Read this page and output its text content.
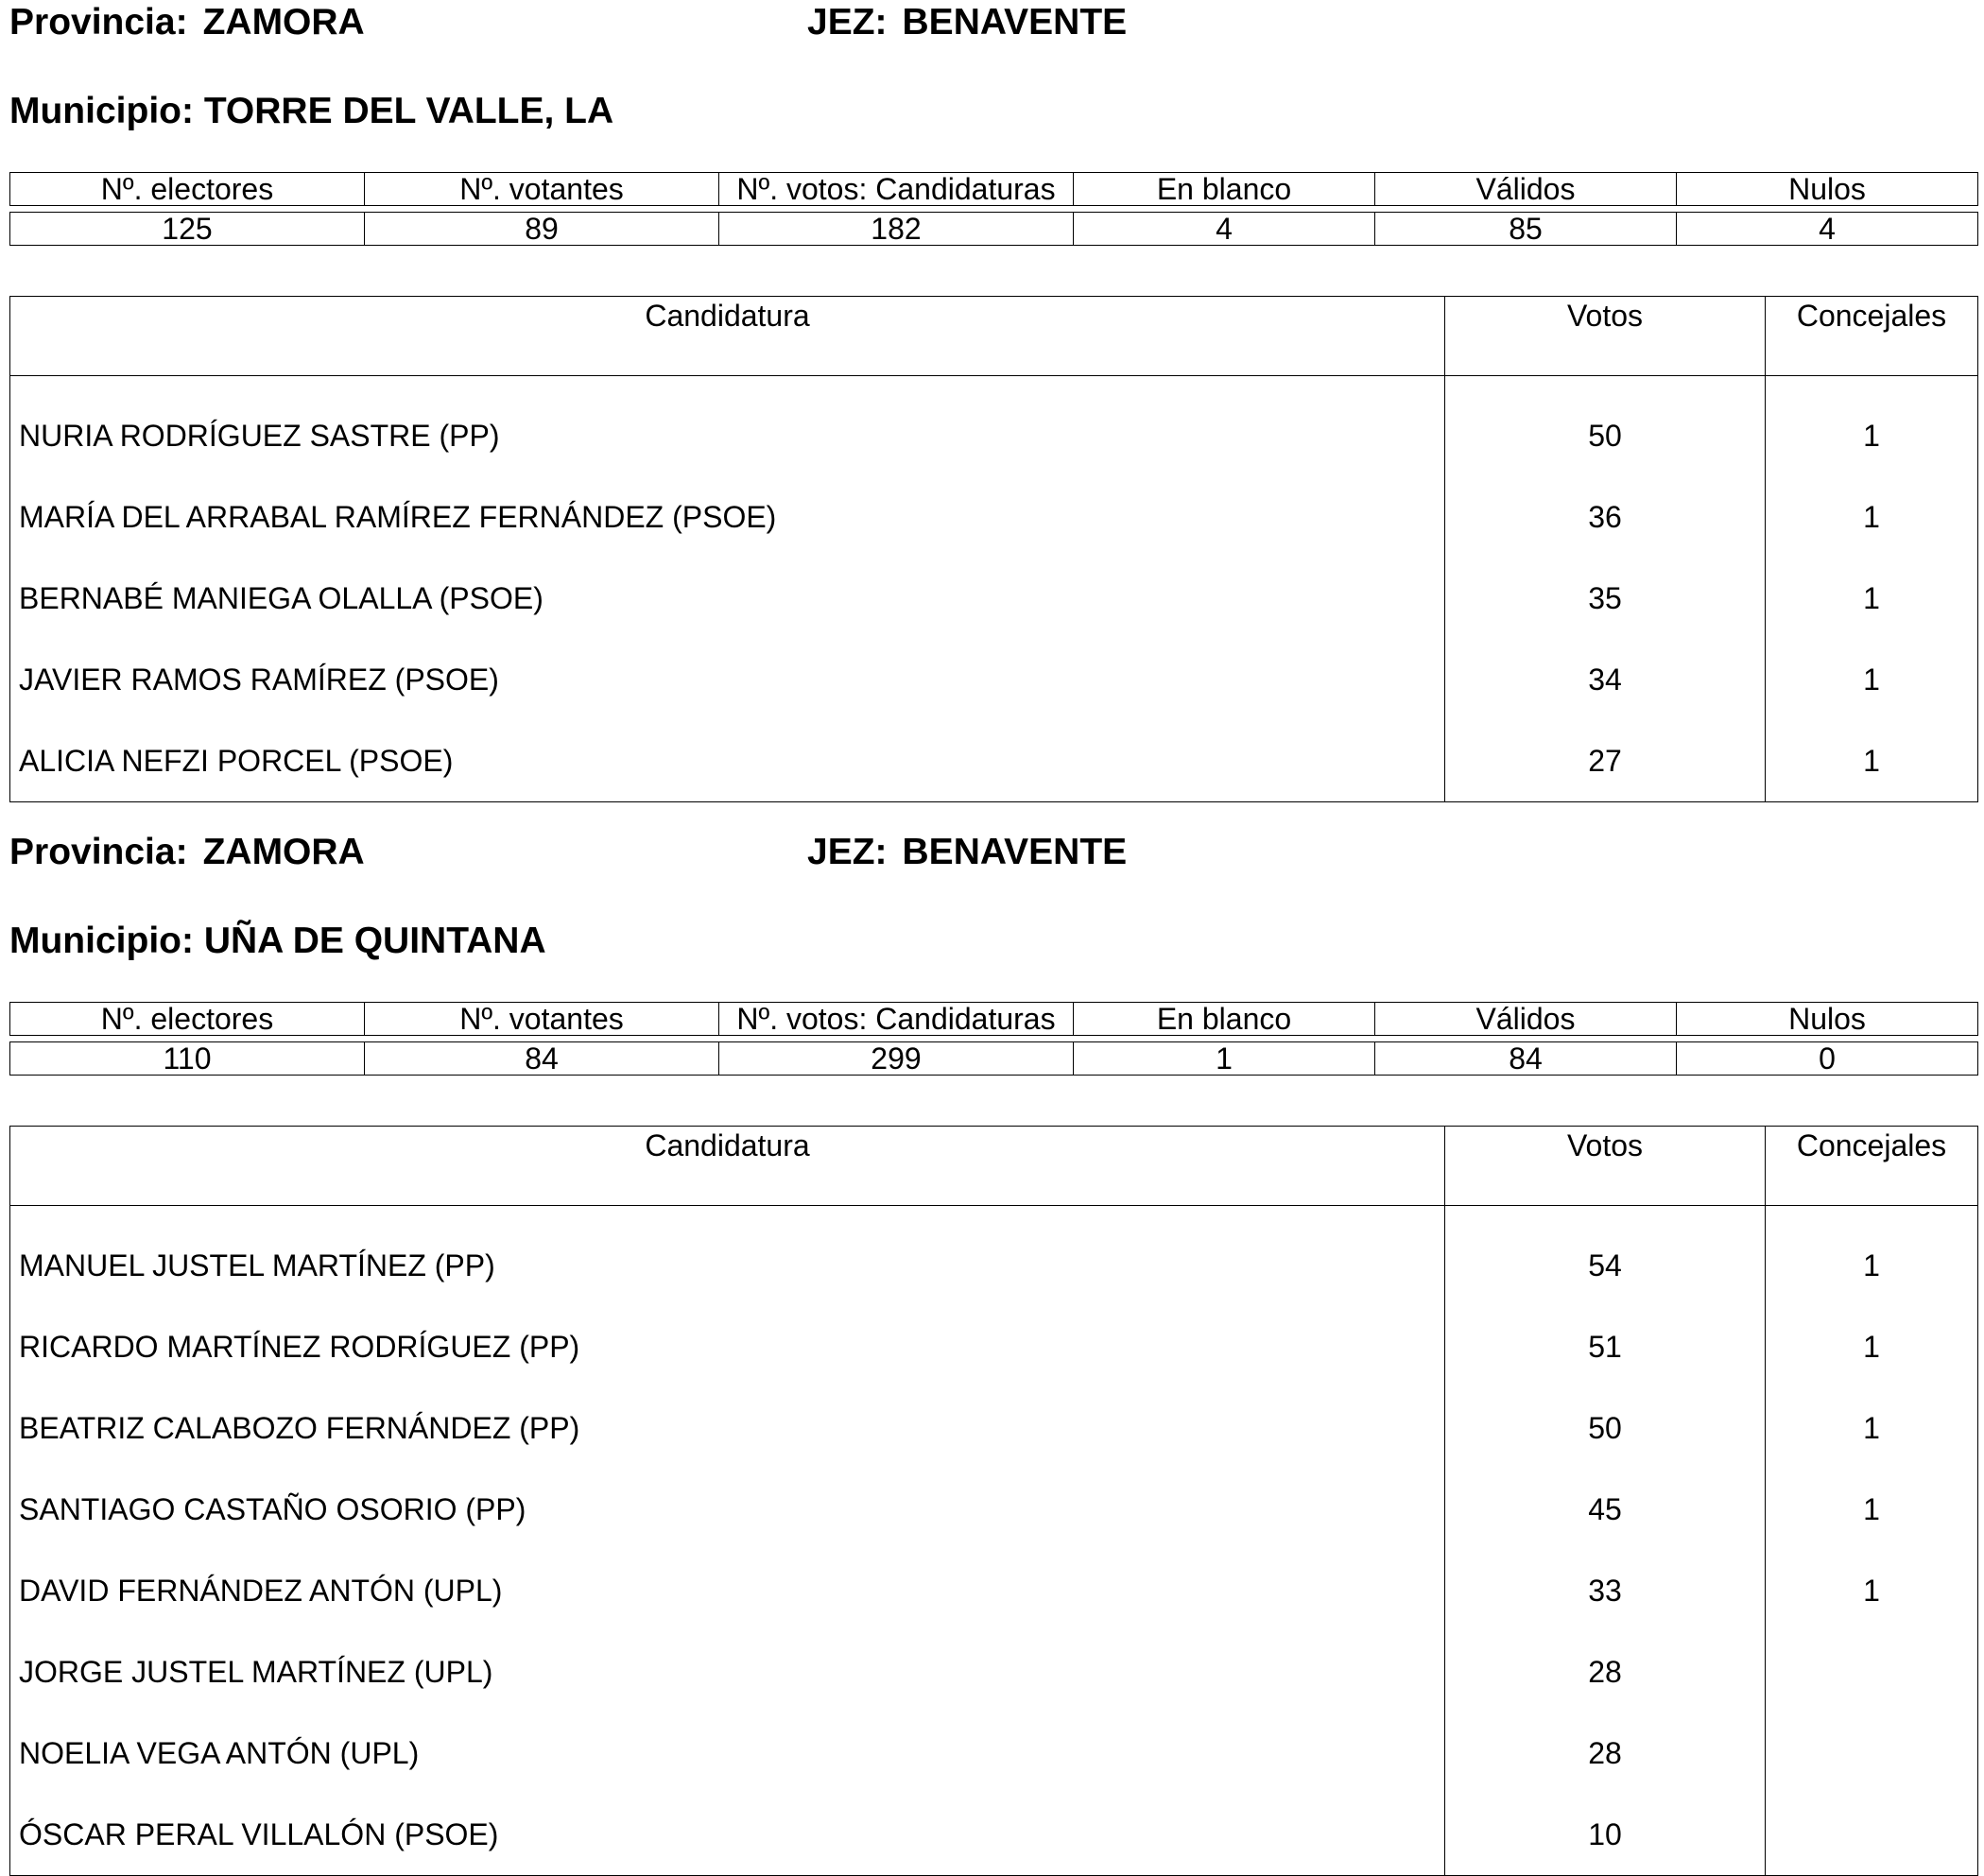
Provincia: ZAMORA	JEZ: BENAVENTE
Municipio: TORRE DEL VALLE, LA
Nº. electores	Nº. votantes	Nº. votos: Candidaturas	En blanco	Válidos	Nulos

125	89	182	4	85	4
Candidatura	Votos	Concejales
NURIA RODRÍGUEZ SASTRE (PP)	50	1
MARÍA DEL ARRABAL RAMÍREZ FERNÁNDEZ (PSOE)	36	1
BERNABÉ MANIEGA OLALLA (PSOE)	35	1
JAVIER RAMOS RAMÍREZ (PSOE)	34	1
ALICIA NEFZI PORCEL (PSOE)	27	1
Provincia: ZAMORA	JEZ: BENAVENTE
Municipio: UÑA DE QUINTANA
Nº. electores	Nº. votantes	Nº. votos: Candidaturas	En blanco	Válidos	Nulos

110	84	299	1	84	0
Candidatura	Votos	Concejales
MANUEL JUSTEL MARTÍNEZ (PP)	54	1
RICARDO MARTÍNEZ RODRÍGUEZ (PP)	51	1
BEATRIZ CALABOZO FERNÁNDEZ (PP)	50	1
SANTIAGO CASTAÑO OSORIO (PP)	45	1
DAVID FERNÁNDEZ ANTÓN (UPL)	33	1
JORGE JUSTEL MARTÍNEZ (UPL)	28	
NOELIA VEGA ANTÓN (UPL)	28	
ÓSCAR PERAL VILLALÓN (PSOE)	10	
